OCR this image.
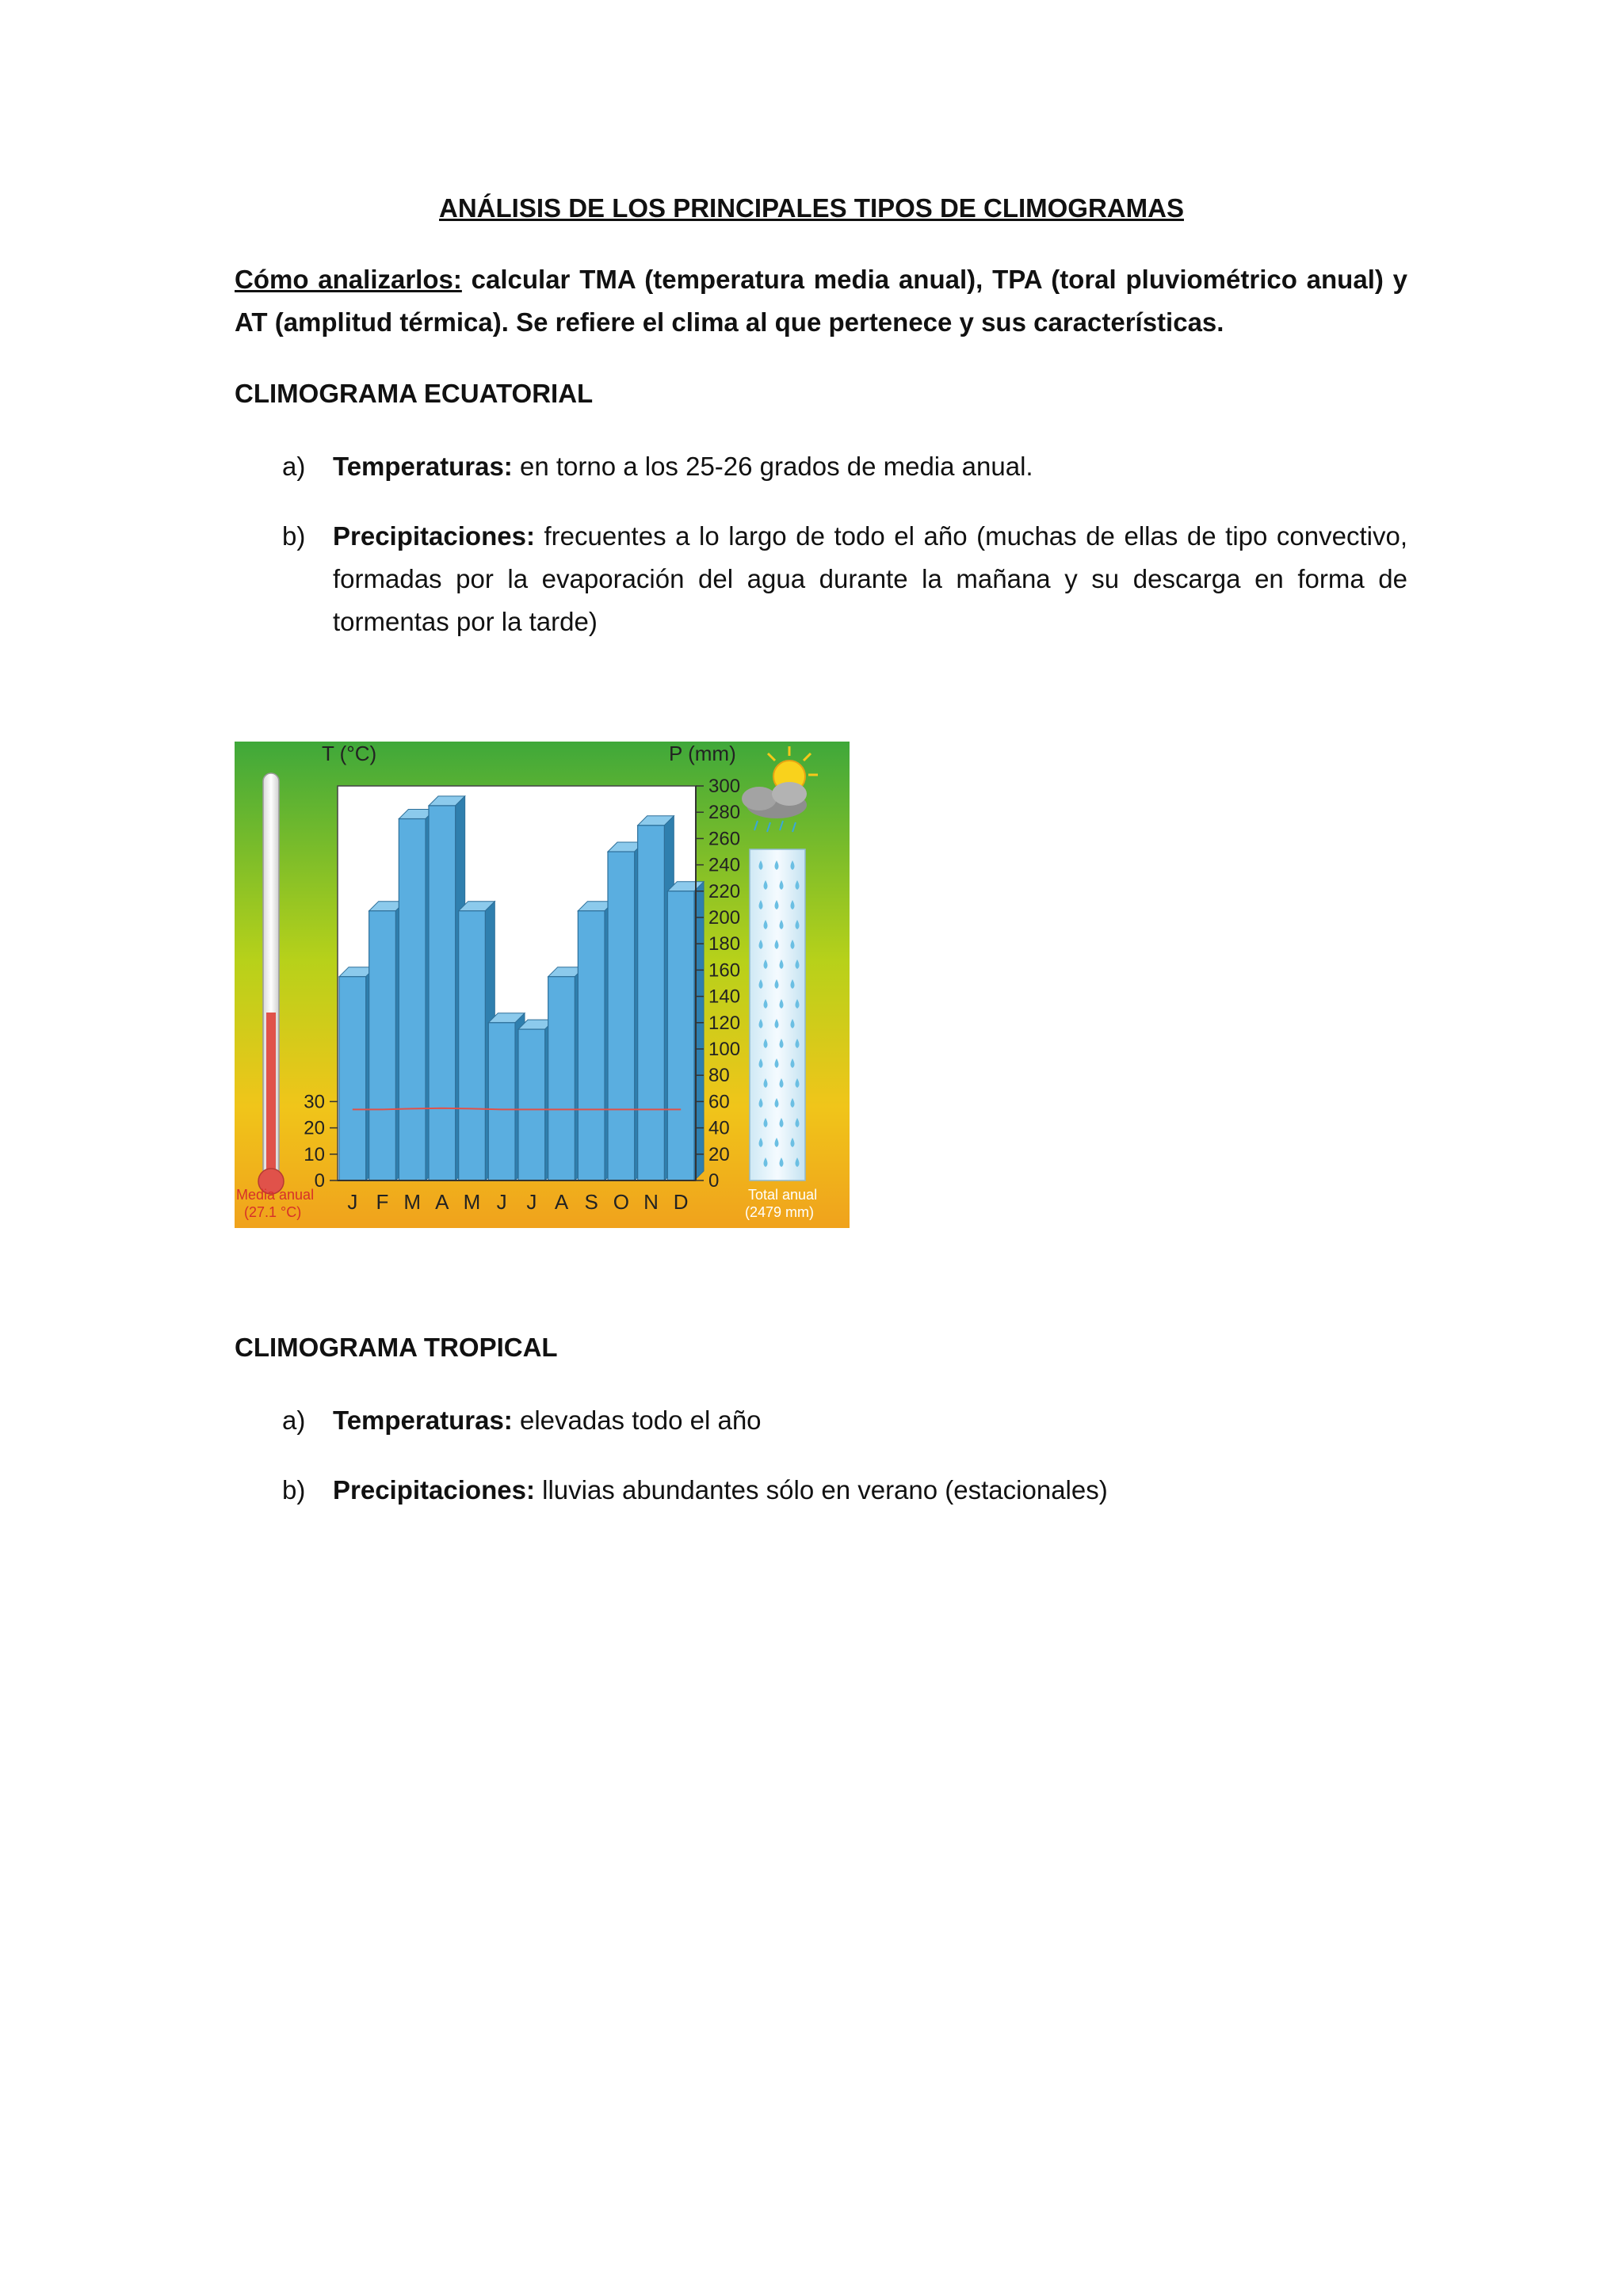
ANÁLISIS DE LOS PRINCIPALES TIPOS DE CLIMOGRAMAS
Cómo analizarlos: calcular TMA (temperatura media anual), TPA (toral pluviométrico anual) y AT (amplitud térmica). Se refiere el clima al que pertenece y sus características.
CLIMOGRAMA ECUATORIAL
a)	Temperaturas: en torno a los 25-26 grados de media anual.
b)	Precipitaciones: frecuentes a lo largo de todo el año (muchas de ellas de tipo convectivo, formadas por la evaporación del agua durante la mañana y su descarga en forma de tormentas por la tarde)
0
20
40
60
80
100
120
140
160
180
200
220
240
260
280
300
0
10
20
30
J F M A M J J A S O N D
T (°C)	P (mm)
Media anual
(27.1 °C)
Total anual
(2479 mm)
CLIMOGRAMA TROPICAL
a)	Temperaturas: elevadas todo el año
b)	Precipitaciones: lluvias abundantes sólo en verano (estacionales)
